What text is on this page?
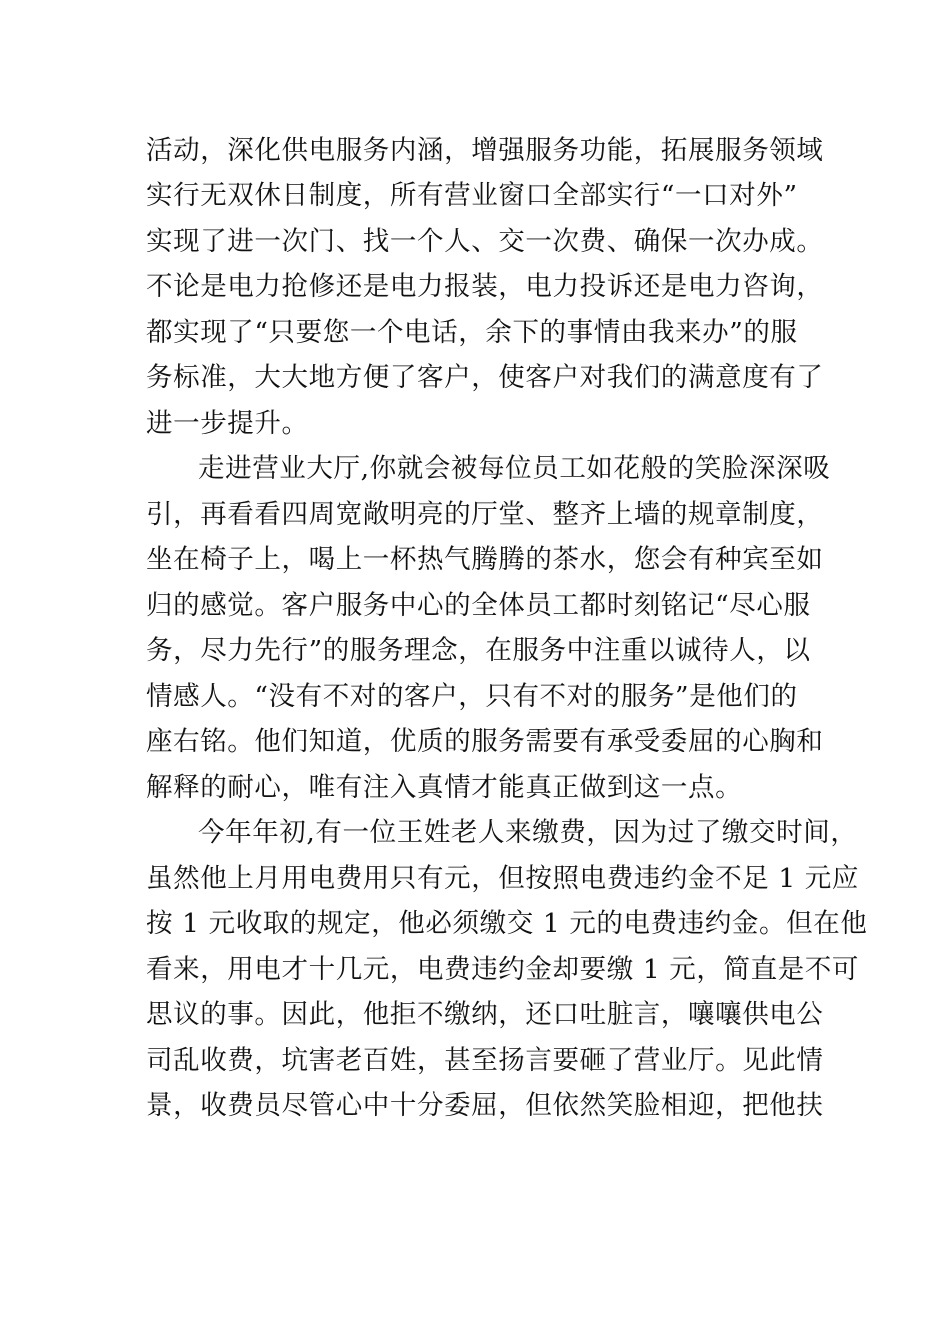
活动，深化供电服务内涵，增强服务功能，拓展服务领域
实行无双休日制度，所有营业窗口全部实行“一口对外”
实现了进一次门、找一个人、交一次费、确保一次办成。
不论是电力抢修还是电力报装，电力投诉还是电力咨询，
都实现了“只要您一个电话，余下的事情由我来办”的服
务标准，大大地方便了客户，使客户对我们的满意度有了
进一步提升。
走进营业大厅,你就会被每位员工如花般的笑脸深深吸
引，再看看四周宽敞明亮的厅堂、整齐上墙的规章制度，
坐在椅子上，喝上一杯热气腾腾的茶水，您会有种宾至如
归的感觉。客户服务中心的全体员工都时刻铭记“尽心服
务，尽力先行”的服务理念，在服务中注重以诚待人，以
情感人。“没有不对的客户，只有不对的服务”是他们的
座右铭。他们知道，优质的服务需要有承受委屈的心胸和
解释的耐心，唯有注入真情才能真正做到这一点。
今年年初,有一位王姓老人来缴费，因为过了缴交时间，
虽然他上月用电费用只有元，但按照电费违约金不足 1 元应
按 1 元收取的规定，他必须缴交 1 元的电费违约金。但在他
看来，用电才十几元，电费违约金却要缴 1 元，简直是不可
思议的事。因此，他拒不缴纳，还口吐脏言，嚷嚷供电公
司乱收费，坑害老百姓，甚至扬言要砸了营业厅。见此情
景，收费员尽管心中十分委屈，但依然笑脸相迎，把他扶
